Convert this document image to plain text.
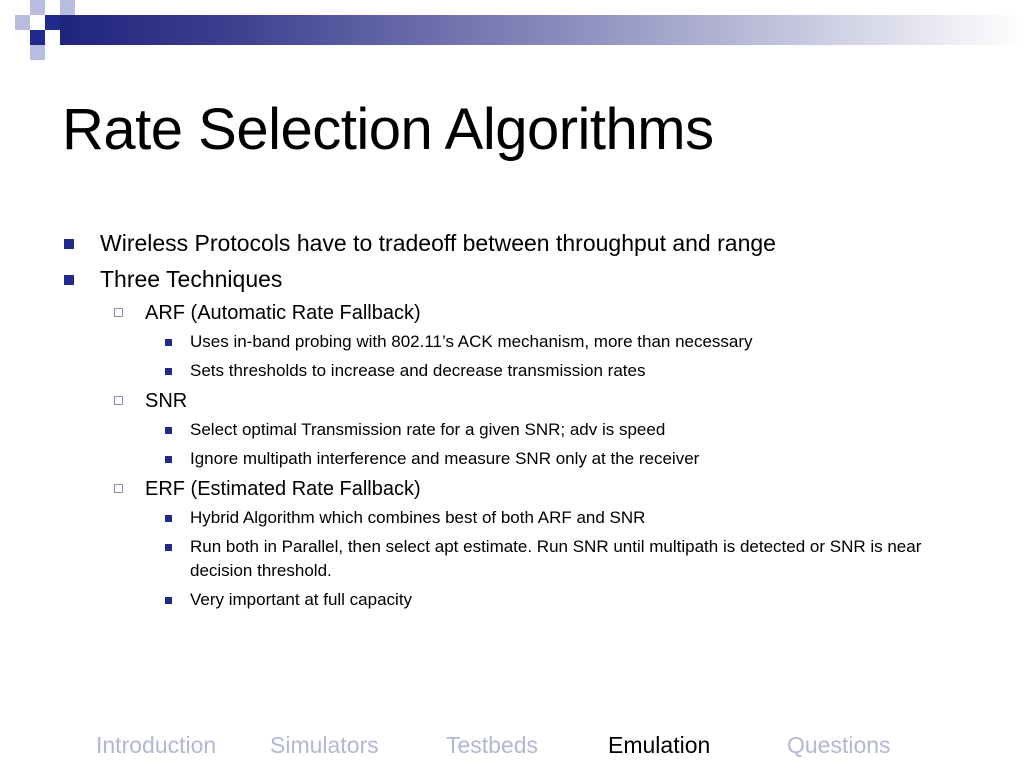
Rate Selection Algorithms
Wireless Protocols have to tradeoff between throughput and range
Three Techniques
ARF (Automatic Rate Fallback)
Uses in-band probing with 802.11’s ACK mechanism, more than necessary
Sets thresholds to increase and decrease transmission rates
SNR
Select optimal Transmission rate for a given SNR; adv is speed
Ignore multipath interference and measure SNR only at the receiver
ERF (Estimated Rate Fallback)
Hybrid Algorithm which combines best of both ARF and SNR
Run both in Parallel, then select apt estimate. Run SNR until multipath is detected or SNR is near decision threshold.
Very important at full capacity
Introduction Simulators	Testbeds	Emulation	Questions
